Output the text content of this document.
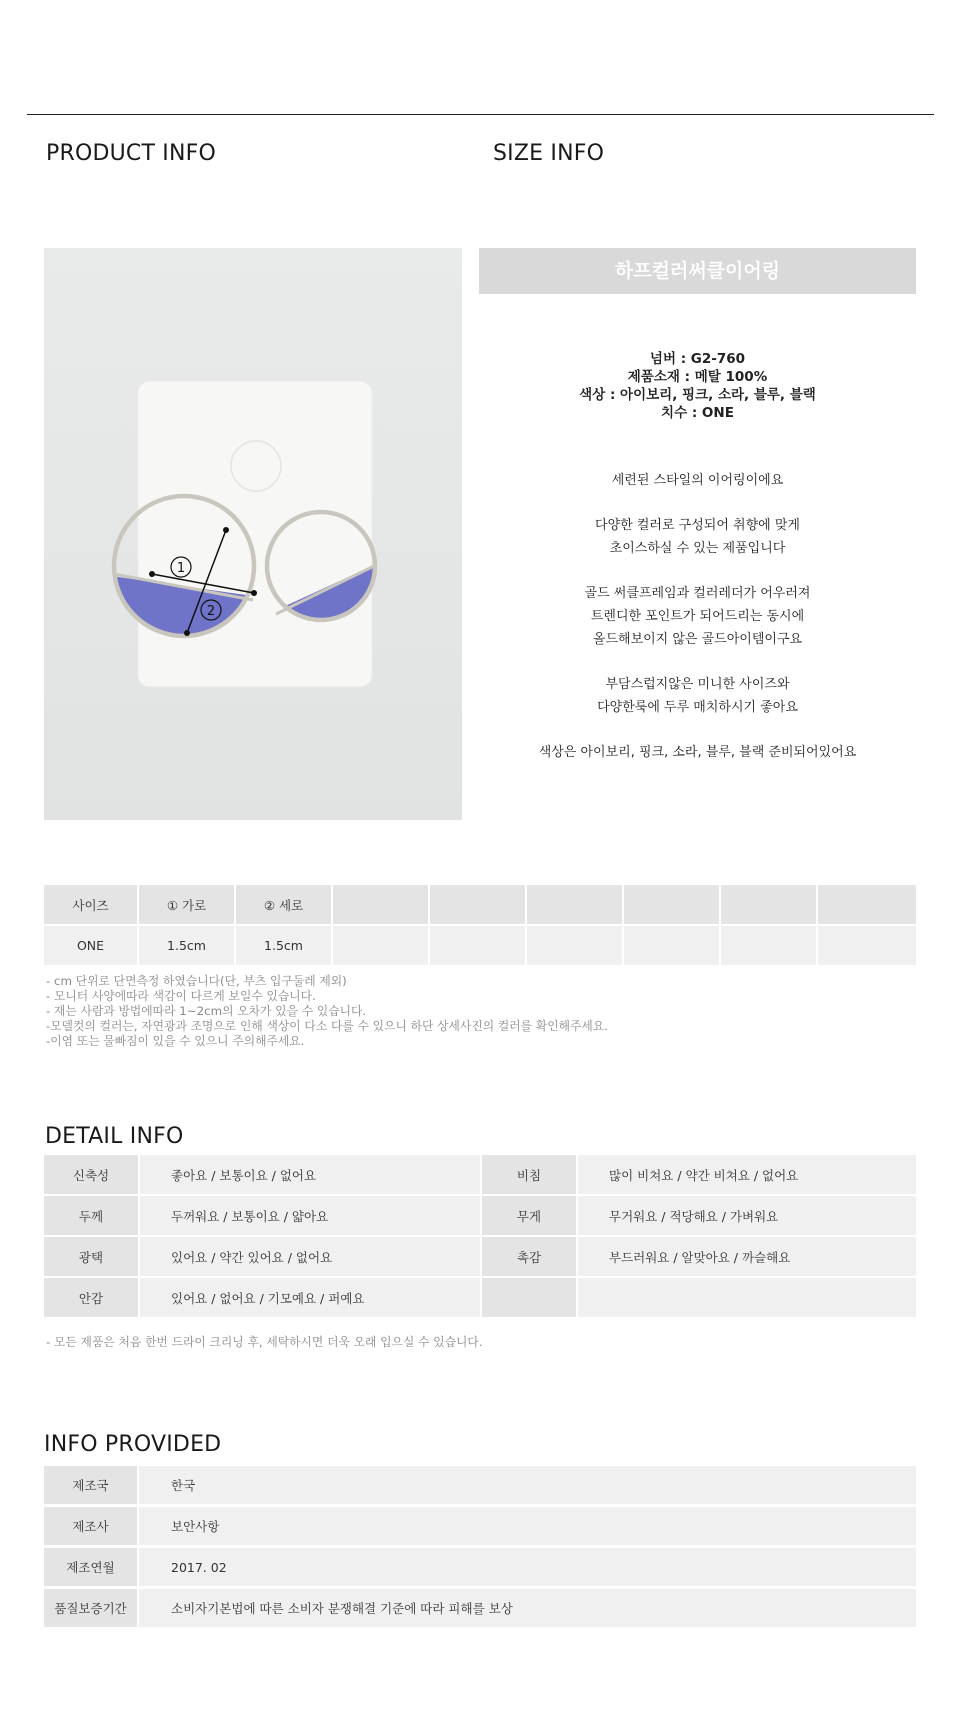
PRODUCT INFO	SIZE INFO
1
2
하프컬러써클이어링
넘버 : G2-760
제품소재 : 메탈 100%
색상 : 아이보리, 핑크, 소라, 블루, 블랙
치수 : ONE

세련된 스타일의 이어링이에요

다양한 컬러로 구성되어 취향에 맞게
초이스하실 수 있는 제품입니다

골드 써클프레임과 컬러레더가 어우러져
트렌디한 포인트가 되어드리는 동시에
올드해보이지 않은 골드아이템이구요

부담스럽지않은 미니한 사이즈와
다양한룩에 두루 매치하시기 좋아요

색상은 아이보리, 핑크, 소라, 블루, 블랙 준비되어있어요

사이즈	① 가로	② 세로						
ONE	1.5cm	1.5cm						
- cm 단위로 단면측정 하였습니다(단, 부츠 입구둘레 제외)
- 모니터 사양에따라 색감이 다르게 보일수 있습니다.
- 재는 사람과 방법에따라 1~2cm의 오차가 있을 수 있습니다.
-모델컷의 컬러는, 자연광과 조명으로 인해 색상이 다소 다를 수 있으니 하단 상세사진의 컬러를 확인해주세요.
-이염 또는 물빠짐이 있을 수 있으니 주의해주세요.
DETAIL INFO
신축성		좋아요 / 보통이요 / 없어요		비침		많이 비쳐요 / 약간 비쳐요 / 없어요
두께		두꺼워요 / 보통이요 / 얇아요		무게		무거워요 / 적당해요 / 가벼워요
광택		있어요 / 약간 있어요 / 없어요		촉감		부드러워요 / 알맞아요 / 까슬해요
안감		있어요 / 없어요 / 기모예요 / 퍼예요				
- 모든 제품은 처음 한번 드라이 크리닝 후, 세탁하시면 더욱 오래 입으실 수 있습니다.
INFO PROVIDED
제조국		한국
제조사		보안사항
제조연월		2017. 02
품질보증기간		소비자기본법에 따른 소비자 분쟁해결 기준에 따라 피해를 보상
